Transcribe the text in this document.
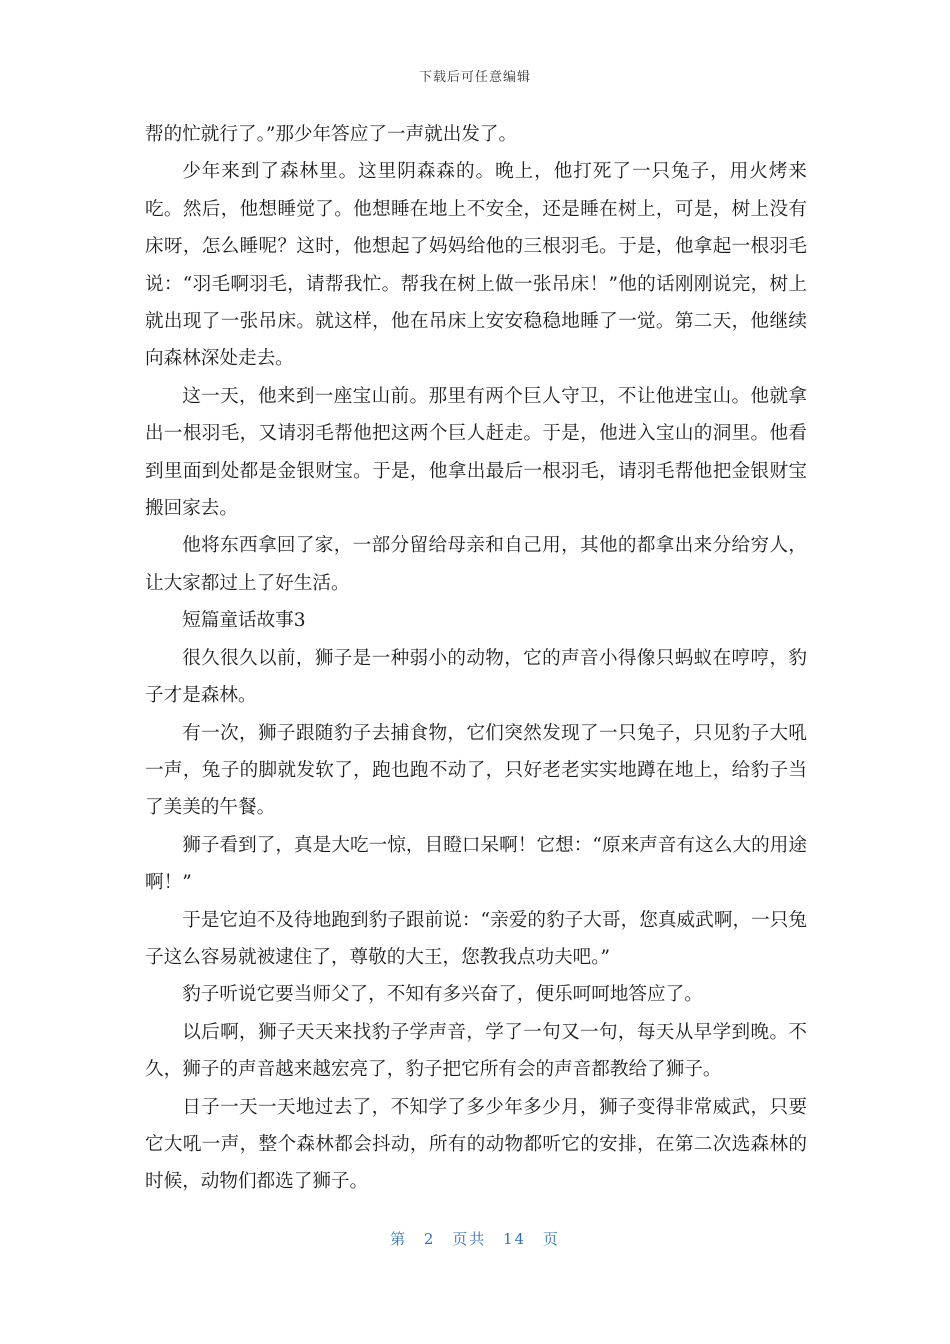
下载后可任意编辑

帮的忙就行了。”那少年答应了一声就出发了。

少年来到了森林里。这里阴森森的。晚上，他打死了一只兔子，用火烤来吃。然后，他想睡觉了。他想睡在地上不安全，还是睡在树上，可是，树上没有床呀，怎么睡呢？这时，他想起了妈妈给他的三根羽毛。于是，他拿起一根羽毛说：“羽毛啊羽毛，请帮我忙。帮我在树上做一张吊床！”他的话刚刚说完，树上就出现了一张吊床。就这样，他在吊床上安安稳稳地睡了一觉。第二天，他继续向森林深处走去。

这一天，他来到一座宝山前。那里有两个巨人守卫，不让他进宝山。他就拿出一根羽毛，又请羽毛帮他把这两个巨人赶走。于是，他进入宝山的洞里。他看到里面到处都是金银财宝。于是，他拿出最后一根羽毛，请羽毛帮他把金银财宝搬回家去。

他将东西拿回了家，一部分留给母亲和自己用，其他的都拿出来分给穷人，让大家都过上了好生活。

短篇童话故事3

很久很久以前，狮子是一种弱小的动物，它的声音小得像只蚂蚁在哼哼，豹子才是森林。

有一次，狮子跟随豹子去捕食物，它们突然发现了一只兔子，只见豹子大吼一声，兔子的脚就发软了，跑也跑不动了，只好老老实实地蹲在地上，给豹子当了美美的午餐。

狮子看到了，真是大吃一惊，目瞪口呆啊！它想：“原来声音有这么大的用途啊！”

于是它迫不及待地跑到豹子跟前说：“亲爱的豹子大哥，您真威武啊，一只兔子这么容易就被逮住了，尊敬的大王，您教我点功夫吧。”

豹子听说它要当师父了，不知有多兴奋了，便乐呵呵地答应了。

以后啊，狮子天天来找豹子学声音，学了一句又一句，每天从早学到晚。不久，狮子的声音越来越宏亮了，豹子把它所有会的声音都教给了狮子。

日子一天一天地过去了，不知学了多少年多少月，狮子变得非常威武，只要它大吼一声，整个森林都会抖动，所有的动物都听它的安排，在第二次选森林的时候，动物们都选了狮子。

第 2 页共 14 页
